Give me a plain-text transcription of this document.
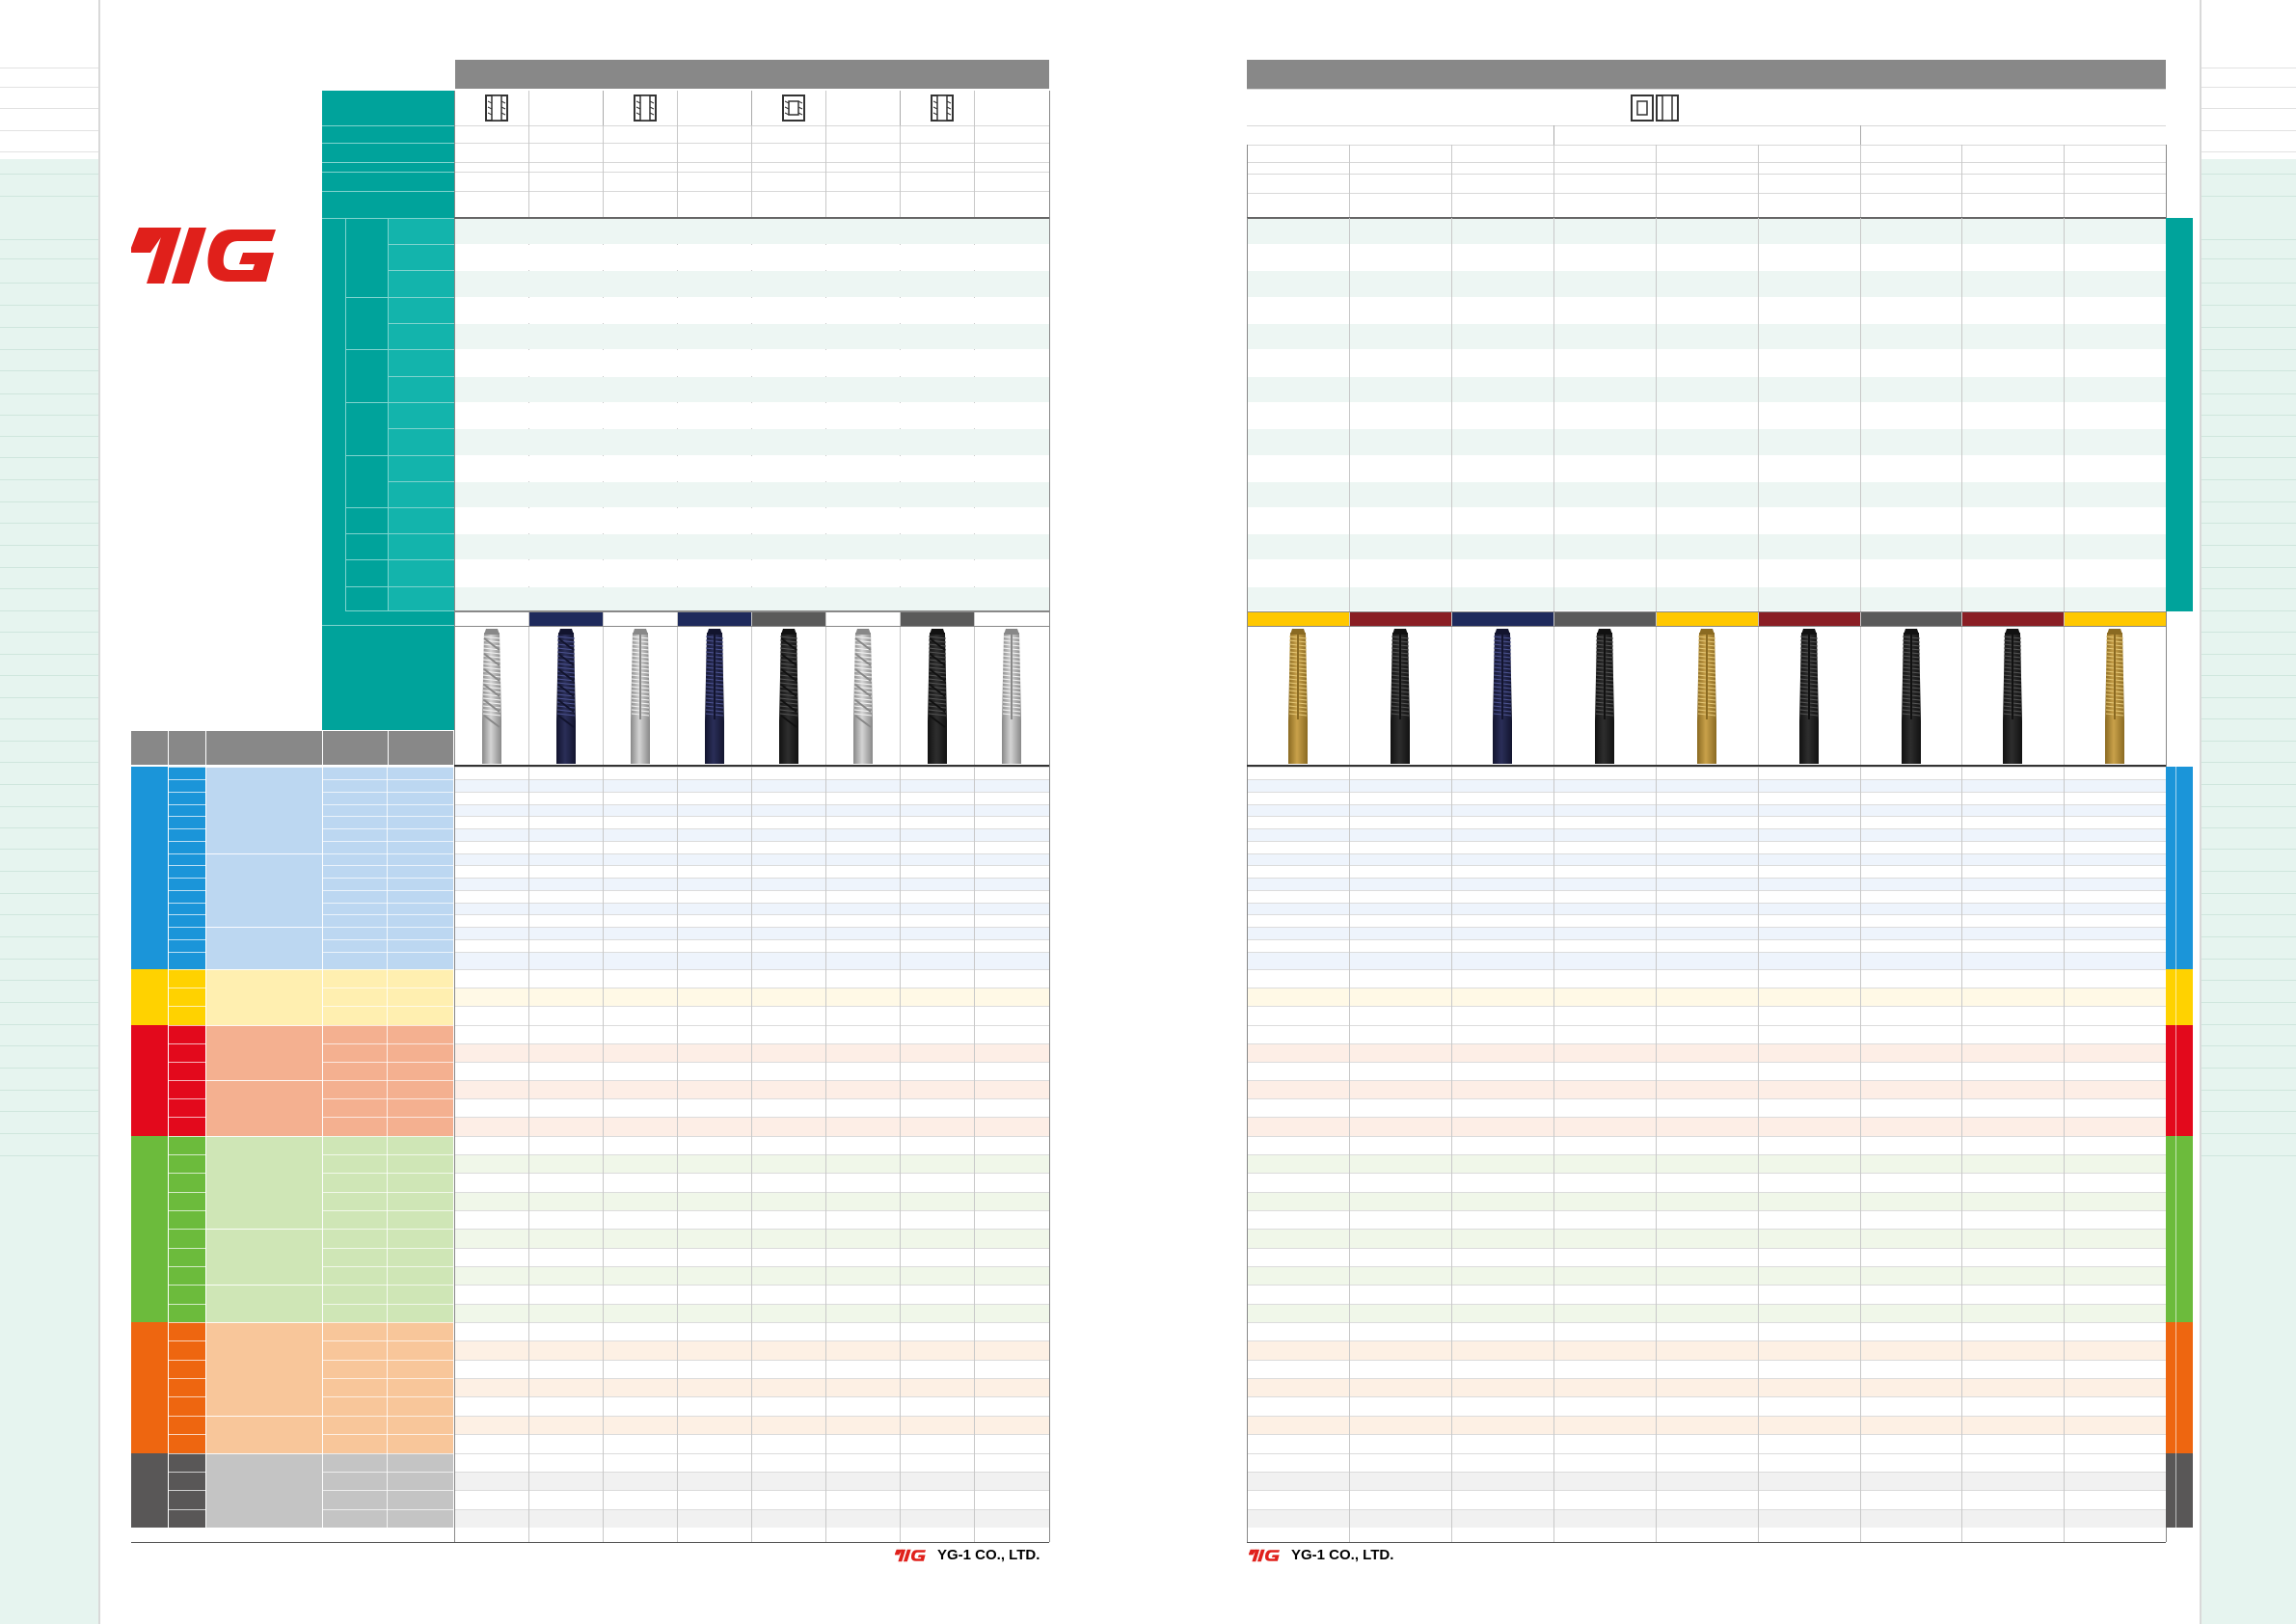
YG-1 CO., LTD.	YG-1 CO., LTD.
